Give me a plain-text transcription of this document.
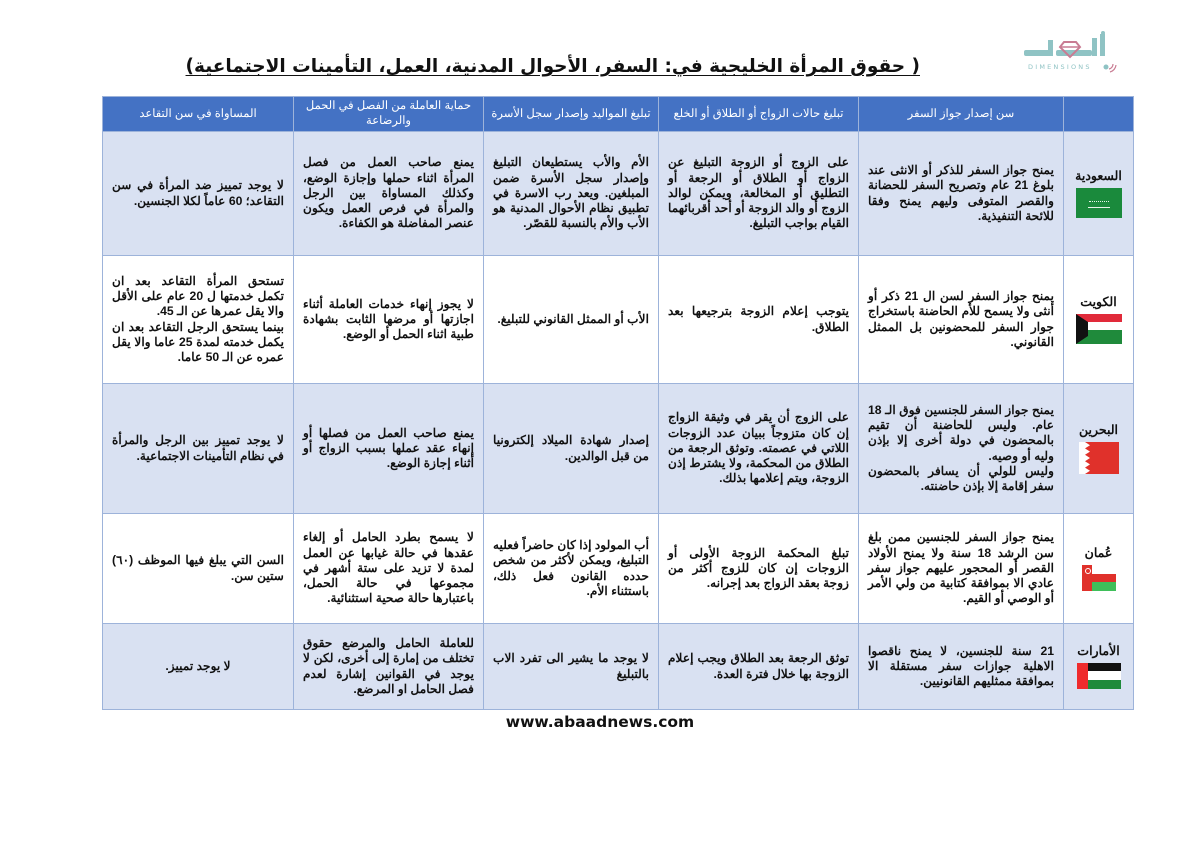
( حقوق المرأة الخليجية في: السفر، الأحوال المدنية، العمل، التأمينات الاجتماعية)	DIMENSIONS
	سن إصدار جواز السفر	تبليغ حالات الزواج أو الطلاق أو الخلع	تبليغ المواليد وإصدار سجل الأسرة	حماية العاملة من الفصل في الحمل والرضاعة	المساواة في سن التقاعد

السعودية	يمنح جواز السفر للذكر أو الانثى عند بلوغ 21 عام وتصريح السفر للحضانة والقصر المتوفى وليهم يمنح وفقا للائحة التنفيذية.	على الزوج أو الزوجة التبليغ عن الزواج أو الطلاق أو الرجعة أو التطليق أو المخالعة، ويمكن لوالد الزوج أو والد الزوجة أو أحد أقربائهما القيام بواجب التبليغ.	الأم والأب يستطيعان التبليغ وإصدار سجل الأسرة ضمن المبلغين. ويعد رب الاسرة في تطبيق نظام الأحوال المدنية هو الأب والأم بالنسبة للقصّر.	يمنع صاحب العمل من فصل المرأة اثناء حملها وإجازة الوضع، وكذلك المساواة بين الرجل والمرأة في فرص العمل ويكون عنصر المفاضلة هو الكفاءة.	لا يوجد تمييز ضد المرأة في سن التقاعد؛ 60 عاماً لكلا الجنسين.

الكويت	يمنح جواز السفر لسن ال 21 ذكر أو أنثى ولا يسمح للأم الحاضنة باستخراج جوار السفر للمحضونين بل الممثل القانوني.	يتوجب إعلام الزوجة بترجيعها بعد الطلاق.	الأب أو الممثل القانوني للتبليغ.	لا يجوز إنهاء خدمات العاملة أثناء اجازتها أو مرضها الثابت بشهادة طبية اثناء الحمل أو الوضع.	تستحق المرأة التقاعد بعد ان تكمل خدمتها ل 20 عام على الأقل والا يقل عمرها عن الـ 45.
بينما يستحق الرجل التقاعد بعد ان يكمل خدمته لمدة 25 عاما والا يقل عمره عن الـ 50 عاما.

البحرين	يمنح جواز السفر للجنسين فوق الـ 18 عام. وليس للحاضنة أن تقيم بالمحضون في دولة أخرى إلا بإذن وليه أو وصيه.
وليس للولي أن يسافر بالمحضون سفر إقامة إلا بإذن حاضنته.	على الزوج أن يقر في وثيقة الزواج إن كان متزوجاً ببيان عدد الزوجات اللاتي في عصمته. وتوثق الرجعة من الطلاق من المحكمة، ولا يشترط إذن الزوجة، ويتم إعلامها بذلك.	إصدار شهادة الميلاد إلكترونيا من قبل الوالدين.	يمنع صاحب العمل من فصلها أو إنهاء عقد عملها بسبب الزواج أو أثناء إجازة الوضع.	لا يوجد تمييز بين الرجل والمرأة في نظام التأمينات الاجتماعية.

عُمان	يمنح جواز السفر للجنسين ممن بلغ سن الرشد 18 سنة ولا يمنح الأولاد القصر أو المحجور عليهم جواز سفر عادي الا بموافقة كتابية من ولي الأمر أو الوصي أو القيم.	تبلغ المحكمة الزوجة الأولى أو الزوجات إن كان للزوج أكثر من زوجة بعقد الزواج بعد إجرانه.	أب المولود إذا كان حاضراً فعليه التبليغ، ويمكن لأكثر من شخص حدده القانون فعل ذلك، باستثناء الأم.	لا يسمح بطرد الحامل أو إلغاء عقدها في حالة غيابها عن العمل لمدة لا تزيد على ستة أشهر في مجموعها في حالة الحمل، باعتبارها حالة صحية استثنائية.	السن التي يبلغ فيها الموظف (٦٠) ستين سن.

الأمارات	21 سنة للجنسين، لا يمنح ناقصوا الاهلية جوازات سفر مستقلة الا بموافقة ممثليهم القانونيين.	توثق الرجعة بعد الطلاق ويجب إعلام الزوجة بها خلال فترة العدة.	لا يوجد ما يشير الى تفرد الاب بالتبليغ	للعاملة الحامل والمرضع حقوق تختلف من إمارة إلى أخرى، لكن لا يوجد في القوانين إشارة لعدم فصل الحامل او المرضع.	لا يوجد تمييز.
www.abaadnews.com
